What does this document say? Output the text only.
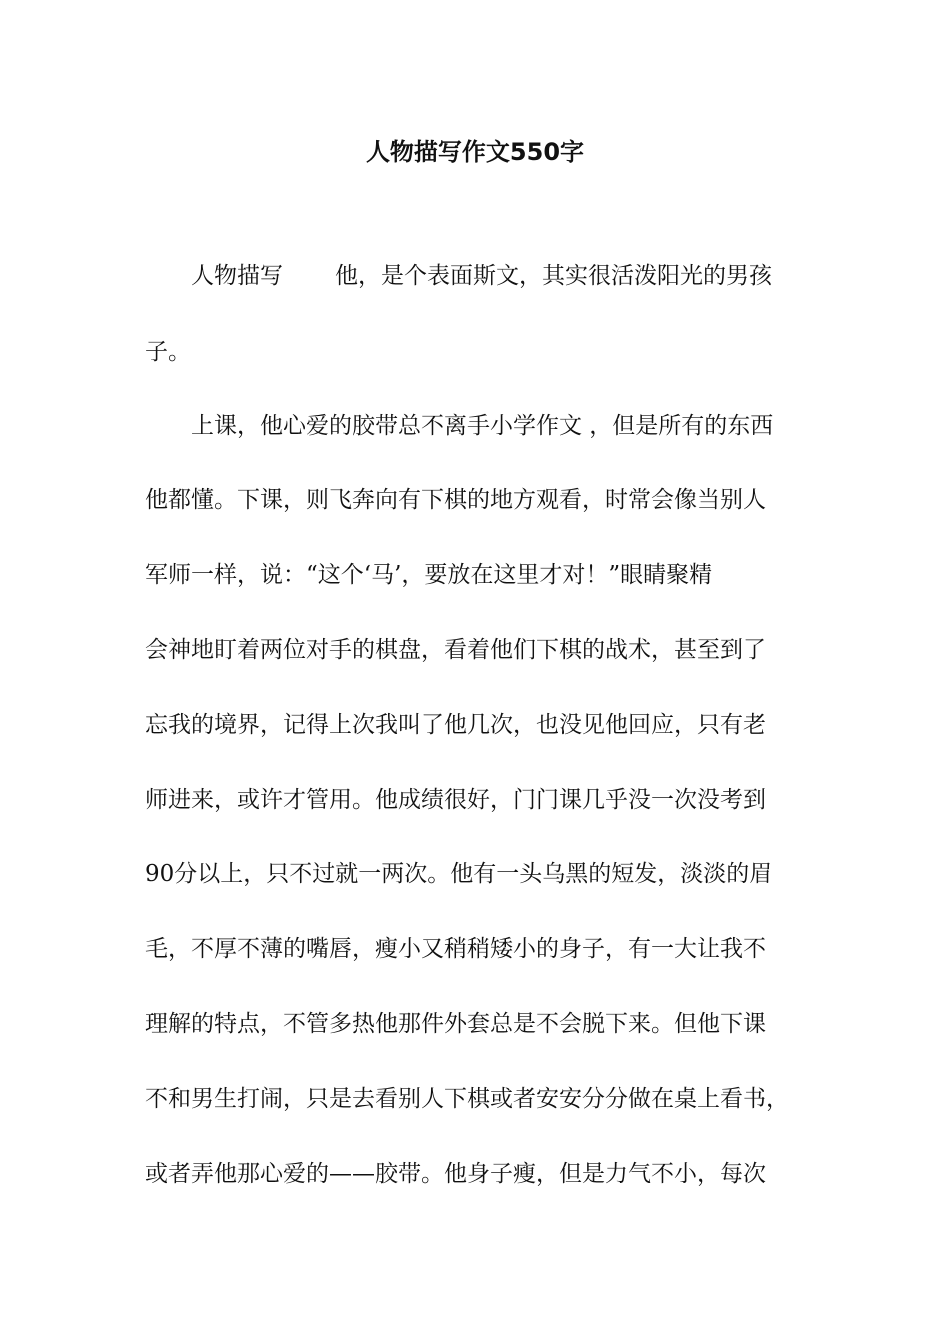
人物描写作文550字
人物描写 他，是个表面斯文，其实很活泼阳光的男孩
子。
上课，他心爱的胶带总不离手小学作文 ，但是所有的东西
他都懂。下课，则飞奔向有下棋的地方观看，时常会像当别人
军师一样，说：“这个‘马’，要放在这里才对！”眼睛聚精
会神地盯着两位对手的棋盘，看着他们下棋的战术，甚至到了
忘我的境界，记得上次我叫了他几次，也没见他回应，只有老
师进来，或许才管用。他成绩很好，门门课几乎没一次没考到
90分以上，只不过就一两次。他有一头乌黑的短发，淡淡的眉
毛，不厚不薄的嘴唇，瘦小又稍稍矮小的身子，有一大让我不
理解的特点，不管多热他那件外套总是不会脱下来。但他下课
不和男生打闹，只是去看别人下棋或者安安分分做在桌上看书，
或者弄他那心爱的——胶带。他身子瘦，但是力气不小，每次
